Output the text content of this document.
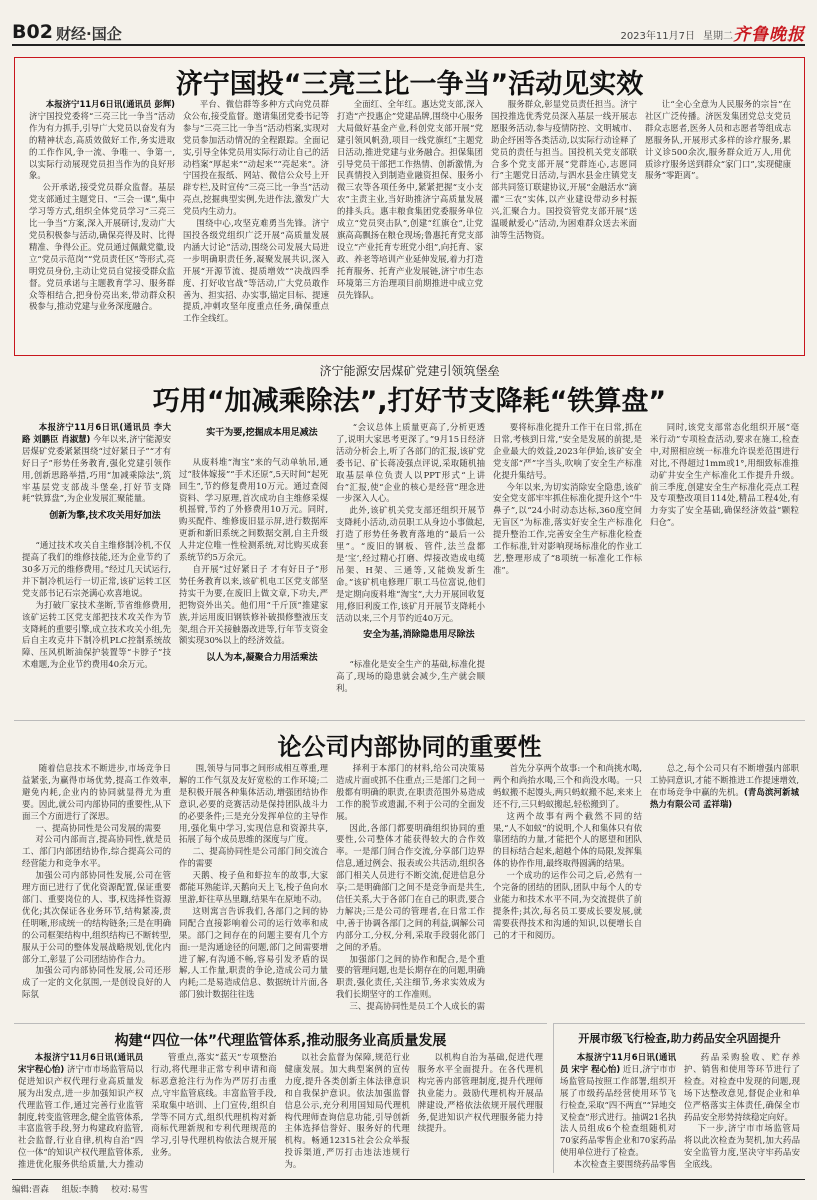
B02 财经·国企	2023年11月7日 星期二 齐鲁晚报
济宁国投“三亮三比一争当”活动见实效

本报济宁11月6日讯(通讯员 彭辉) 济宁国投党委将“三亮三比一争当”活动作为有力抓手,引导广大党员以奋发有为的精神状态,高质效做好工作,务实进取的工作作风,争一流、争唯一、争第一,以实际行动展现党员担当作为的良好形象。
公开承诺,接受党员群众监督。基层党支部通过主题党日、“三会一课”,集中学习等方式,组织全体党员学习“三亮三比一争当”方案,深入开展研讨,发动广大党员积极参与活动,确保亮得及时、比得精准、争得公正。党员通过佩戴党徽,设立“党员示范岗”“党员责任区”等形式,亮明党员身份,主动让党员自觉接受群众监督。党员承诺与主题教育学习、服务群众等相结合,把身份亮出来,带动群众积极参与,推动党建与业务深度融合。

平台、微信群等多种方式向党员群众公布,接受监督。邀请集团党委书记等参与“三亮三比一争当”活动档案,实现对党员参加活动情况的全程跟踪。全面记实,引导全体党员用实际行动让自己的活动档案“厚起来”“动起来”“亮起来”。济宁国投在报纸、网站、微信公众号上开辟专栏,及时宣传“三亮三比一争当”活动亮点,挖掘典型实例,先进作法,激发广大党员内生动力。
围绕中心,攻坚克难勇当先锋。济宁国投各级党组织广泛开展“高质量发展内涵大讨论”活动,围绕公司发展大局进一步明确职责任务,凝聚发展共识,深入开展“开源节流、提质增效”“决战四季度、打好收官战”等活动,广大党员敢作善为、担实招、办实事,锚定目标、提速提质,冲刺攻坚年度重点任务,确保重点工作全线红。

全面红、全年红。惠达党支部,深入打造“产投惠企”党建品牌,围绕中心服务大局做好基金产业,科创党支部开展“党建引领风帆劲,项目一线党旗红”主题党日活动,推进党建与业务融合。担保集团引导党员干部把工作热情、创新激情,为民真情投入到制造业融资担保、服务小微三农等各项任务中,紧紧把握“支小支农”主责主业,当好助推济宁高质量发展的排头兵。惠丰粮食集团党委服务单位成立“党员突击队”,创建“红旗仓”,让党旗高高飘扬在粮仓现场;鲁惠托育党支部设立“产业托育专班党小组”,向托育、家政、养老等培训产业延伸发展,着力打造托育服务、托育产业发展链,济宁市生态环境第三方治理项目前期推进中成立党员先锋队。

服务群众,彰显党员责任担当。济宁国投推选优秀党员深入基层一线开展志愿服务活动,参与疫情防控、文明城市、助企纾困等各类活动,以实际行动诠释了党员的责任与担当。国投机关党支部联合多个党支部开展“党群连心,志愿同行”主题党日活动,与泗水县金庄镇党支部共同签订联建协议,开展“金融活水”滴灌“三农”实体,以产业建设带动乡村振兴,汇聚合力。国投资管党支部开展“送温暖献爱心”活动,为困难群众送去米面油等生活物资。

让“全心全意为人民服务的宗旨”在社区广泛传播。济医发集团党总支党员群众志愿者,医务人员和志愿者等组成志愿服务队,开展形式多样的诊疗服务,累计义诊500余次,服务群众近万人,用优质诊疗服务送到群众“家门口”,实现健康服务“零距离”。

济宁能源安居煤矿党建引领筑堡垒
巧用“加减乘除法”,打好节支降耗“铁算盘”

本报济宁11月6日讯(通讯员 李大路 刘鹏臣 肖淑慧) 今年以来,济宁能源安居煤矿党委紧紧围绕“过好紧日子”“才有好日子”形势任务教育,强化党建引领作用,创新思路举措,巧用“加减乘除法”,筑牢基层党支部战斗堡垒,打好节支降耗“铁算盘”,为企业发展汇聚能量。

创新为擎,技术攻关用好加法

“通过技术攻关自主维修制冷机,不仅提高了我们的维修技能,还为企业节约了30多万元的维修费用。”经过几天试运行,并下制冷机运行一切正常,该矿运转工区党支部书记石宗尧满心欢喜地说。
为打破厂家技术垄断,节省维修费用,该矿运转工区党支部把技术攻关作为节支降耗的重要引擎,成立技术攻关小组,先后自主攻克井下制冷机PLC控制系统故障、压风机断油保护装置等“卡脖子”技术难题,为企业节约费用40余万元。

实干为要,挖掘成本用足减法

从废料堆“淘宝”来的气动单轨吊,通过“肢体嫁接”“手术还原”,5天时间“起死回生”,节约修复费用10万元。通过查阅资料、学习原理,首次成功自主维修采煤机摇臂,节约了外修费用10万元。同时,购买配件、维修废旧显示屏,进行数据库更新和新旧系统之间数据交割,自主升级人井定位唯一性检测系统,对比购买成套系统节约5万余元。
自开展“过好紧日子 才有好日子”形势任务教育以来,该矿机电工区党支部坚持实干为要,在废旧上做文章,下功夫,严把物资外出关。他们用“千斤顶”推建家族,并运用废旧钢铁修补破损修整液压支架,组合开关接触器改进等,行年节支资金额实现30%以上的经济效益。

以人为本,凝聚合力用活乘法

“会议总体上质量更高了,分析更透了,说明大家思考更深了。”9月15日经济活动分析会上,听了各部门的汇报,该矿党委书记、矿长蒋凌强点评说,采取随机抽取基层单位负责人以PPT形式“上讲台”汇报,使“企业的核心是经营”理念进一步深入人心。
此外,该矿机关党支部还组织开展节支降耗小活动,动员职工从身边小事做起,打造了形势任务教育落地的“最后一公里”。“废旧的钢板、管件,法兰盘都是‘宝’,经过精心打磨、焊接改造成电缆吊架、H架、三通等,又能焕发新生命。”该矿机电修理厂职工马位富说,他们是定期向废料堆“淘宝”,大力开展回收复用,修旧利废工作,该矿月开展节支降耗小活动以来,三个月节约近40万元。

安全为基,消除隐患用尽除法

“标准化是安全生产的基础,标准化提高了,现场的隐患就会减少,生产就会顺利。

要将标准化提升工作干在日常,抓在日常,考核到日常,“安全是发展的前提,是企业最大的效益,2023年伊始,该矿安全党支部“严”字当头,吹响了安全生产标准化提升集结号。
今年以来,为切实消除安全隐患,该矿安全党支部牢牢抓住标准化提升这个“牛鼻子”,以“24小时动态达标,360度空间无盲区”为标准,落实好安全生产标准化提升整治工作,完善安全生产标准化检查工作标准,针对影响现场标准化的作业工艺,整理形成了“8项统一标准化工作标准”。

同时,该党支部常态化组织开展“毫米行动”专项检查活动,要求在施工,检查中,对照相应统一标准允许误差范围进行对比,不得超过1mm或1°,用细致标准推动矿井安全生产标准化工作提升升级。前三季度,创建安全生产标准化亮点工程及专项整改项目114处,精品工程4处,有力夯实了安全基础,确保经济效益“颗粒归仓”。

论公司内部协同的重要性

随着信息技术不断进步,市场竞争日益紧张,为赢得市场优势,提高工作效率,避免内耗,企业内的协同就显得尤为重要。因此,就公司内部协同的重要性,从下面三个方面进行了深思。
一、提高协同性是公司发展的需要
对公司内部而言,提高协同性,就是员工、部门内部团结协作,综合提高公司的经营能力和竞争水平。
加强公司内部协同性发展,公司在管理方面已进行了优化资源配置,保证重要部门、重要岗位的人、事,权选择性资源优化;其次保证各业务环节,结构紧凑,责任明晰,形成统一的结构链条;三是在明确的公司框架结构中,组织结构已不断转型,服从于公司的整体发展战略规划,优化内部分工,彰显了公司团结协作合力。
加强公司内部协同性发展,公司还形成了一定的文化氛围,一是创设良好的人际氛

围,领导与同事之间形成相互尊重,理解的工作气氛及友好宽松的工作环境;二是积极开展各种集体活动,增强团结协作意识,必要的竞赛活动是保持团队战斗力的必要条件;三是充分发挥单位的主导作用,强化集中学习,实现信息和资源共享,拓展了每个成员思维的深度与广度。
二、提高协同性是公司部门间交流合作的需要
天鹅、梭子鱼和虾拉车的故事,大家都能耳熟能详,天鹅向天上飞,梭子鱼向水里游,虾往草丛里蹦,结果车在原地不动。
这则寓言告诉我们,各部门之间的协同配合直接影响着公司的运行效率和成果。部门之间存在的问题主要有几个方面:一是沟通途径的问题,部门之间需要增进了解,有沟通不畅,容易引发矛盾的误解,人工作量,职责的争论,造成公司力量内耗;二是易造成信息、数据统计片面,各部门独计数据往往选

择利于本部门的材料,给公司决策易造成片面或抓不住重点;三是部门之间一般都有明确的职责,在职责范围外易造成工作的脱节或遗漏,不利于公司的全面发展。
因此,各部门都要明确组织协同的重要性,公司整体才能获得较大的合作效率。一是部门间合作交流,分享部门边界信息,通过例会、报表或公共活动,组织各部门相关人员进行不断交流,促进信息分享;二是明确部门之间不是竞争而是共生,信任关系,大于各部门在自己的职责,要合力解决;三是公司的管理者,在日常工作中,善于协调各部门之间的利益,调解公司内部分工,分权,分利,采取手段弱化部门之间的矛盾。
加强部门之间的协作和配合,是个重要的管理问题,也是长期存在的问题,明确职责,强化责任,关注细节,务求实效成为我们长期坚守的工作准则。
三、提高协同性是员工个人成长的需

首先分享两个故事:一个和尚挑水喝,两个和尚抬水喝,三个和尚没水喝。一只蚂蚁搬不起馒头,两只蚂蚁搬不起,来来上还不行,三只蚂蚁搬起,轻松搬到了。
这两个故事有两个截然不同的结果,“人不如蚁”的说明,个人和集体只有依靠团结的力量,才能把个人的愿望和团队的目标结合起来,超越个体的局限,发挥集体的协作作用,最终取得圆满的结果。
一个成功的运作公司之后,必然有一个完备的团结的团队,团队中每个人的专业能力和技术水平不同,为交流提供了前提条件;其次,每名员工要成长要发展,就需要获得技术和沟通的知识,以便增长自己的才干和阅历。

总之,每个公司只有不断增强内部职工协同意识,才能不断推进工作提速增效,在市场竞争中赢的先机。(青岛滨河新城热力有限公司 孟祥瑞)

构建“四位一体”代理监管体系,推动服务业高质量发展

本报济宁11月6日讯(通讯员 宋宇程心怡) 济宁市市场监管局以促进知识产权代理行业高质量发展为出发点,进一步加强知识产权代理监管工作,通过完善行业监管制度,转变监管理念,健全监管体系,丰富监管手段,努力构建政府监管,社会监督,行业自律,机构自治“四位一体”的知识产权代理监管体系,推进优化服务供给质量,大力推动

管重点,落实“蓝天”专项整治行动,将代理非正常专利申请和商标恶意抢注行为作为严厉打击重点,守牢监管底线。丰富监管手段,采取集中培训、上门宣传,组织自学等不同方式,组织代理机构对新商标代理新规和专利代理规范的学习,引导代理机构依法合规开展业务。

以社会监督为保障,规范行业健康发展。加大典型案例的宣传力度,提升各类创新主体法律意识和自我保护意识。依法加强监督信息公示,充分利用国知局代理机构代理师查询信息功能,引导创新主体选择信誉好、服务好的代理机构。畅通12315社会公众举报投诉渠道,严厉打击违法违规行为。

以机构自治为基础,促进代理服务水平全面提升。在各代理机构完善内部管理制度,提升代理师执业能力。鼓励代理机构开展品牌建设,严格依法依规开展代理服务,促进知识产权代理服务能力持续提升。

开展市级飞行检查,助力药品安全巩固提升

本报济宁11月6日讯(通讯员 宋宇 程心怡) 近日,济宁市市场监管局按照工作部署,组织开展了市级药品经营使用环节飞行检查,采取“四不两直”“异地交叉检查”形式进行。抽调21名执法人员组成6个检查组随机对70家药品零售企业和70家药品使用单位进行了检查。
本次检查主要围绕药品零售

药品采购验收、贮存养护、销售和使用等环节进行了检查。对检查中发现的问题,现场下达整改意见,督促企业和单位严格落实主体责任,确保全市药品安全形势持续稳定向好。
下一步,济宁市市场监管局将以此次检查为契机,加大药品安全监管力度,坚决守牢药品安全底线。

编辑:晋森 组版:李腾 校对:易雪
